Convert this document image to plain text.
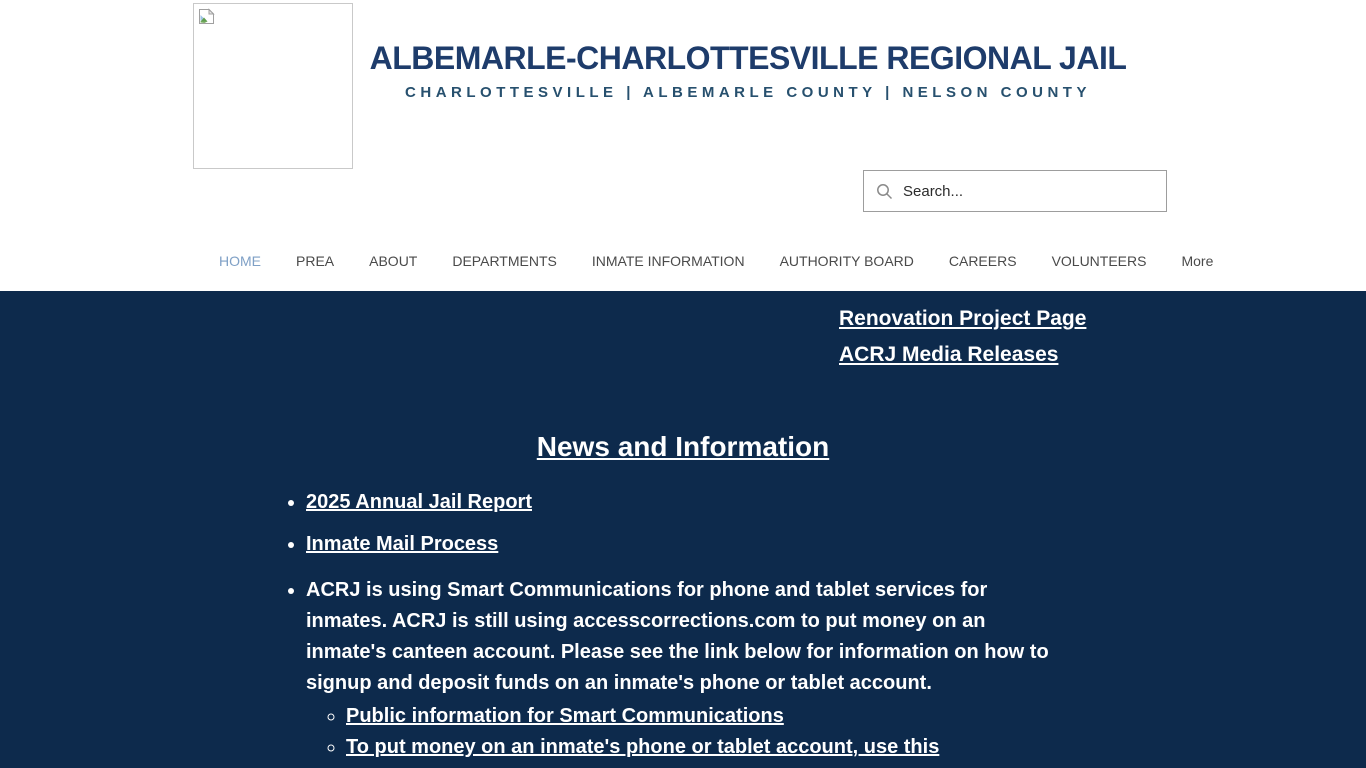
ALBEMARLE-CHARLOTTESVILLE REGIONAL JAIL
CHARLOTTESVILLE | ALBEMARLE COUNTY | NELSON COUNTY
Search...
HOME	PREA	ABOUT	DEPARTMENTS	INMATE INFORMATION	AUTHORITY BOARD	CAREERS	VOLUNTEERS	More
Renovation Project Page
ACRJ Media Releases
News and Information
• 2025 Annual Jail Report
• Inmate Mail Process
• ACRJ is using Smart Communications for phone and tablet services for inmates. ACRJ is still using accesscorrections.com to put money on an inmate's canteen account. Please see the link below for information on how to signup and deposit funds on an inmate's phone or tablet account.
◦ Public information for Smart Communications
◦ To put money on an inmate's phone or tablet account, use this
